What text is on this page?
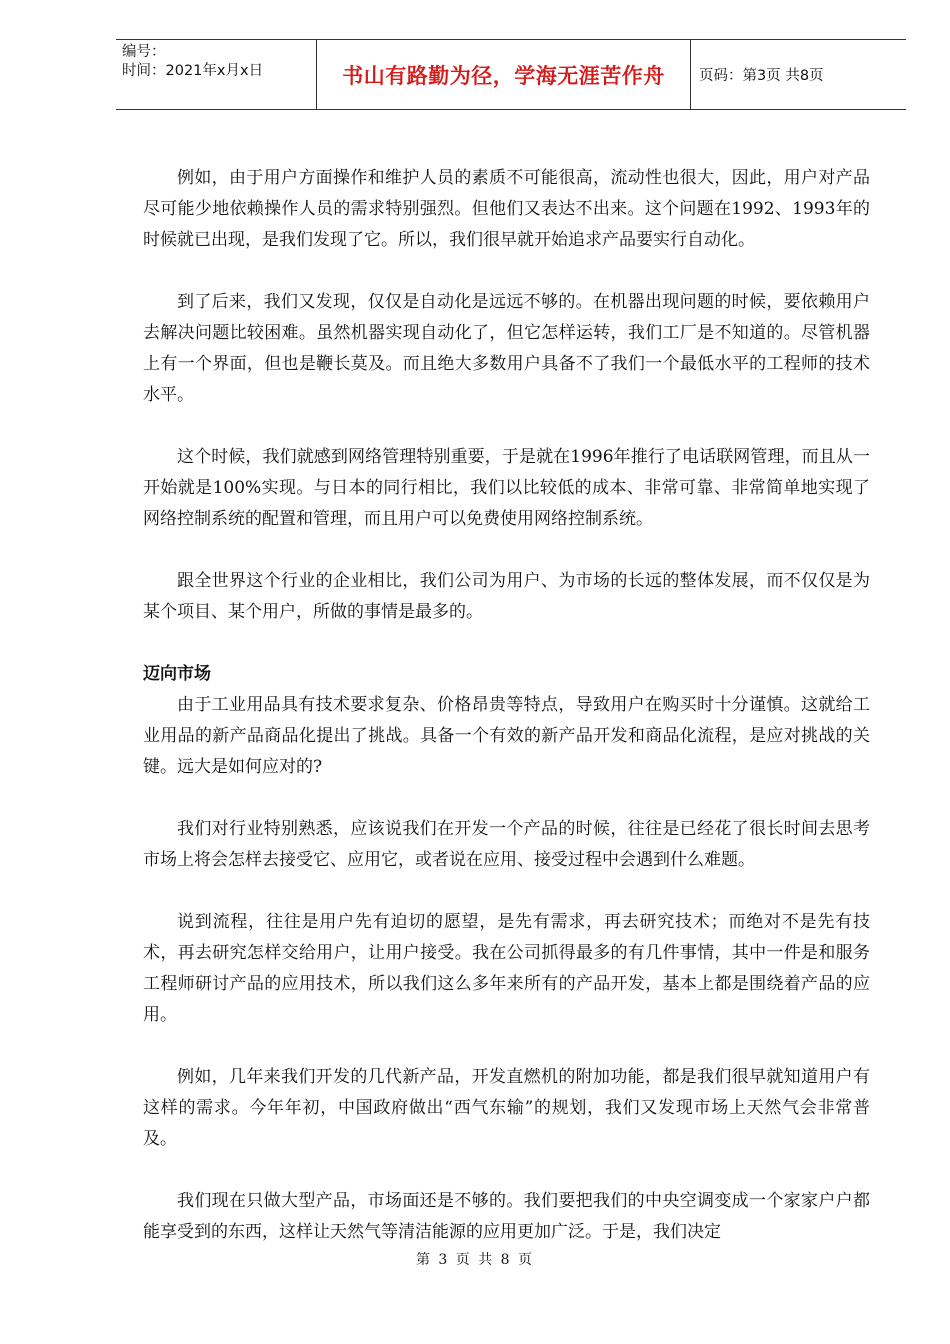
编号：
时间：2021年x月x日	书山有路勤为径，学海无涯苦作舟 页码：第3页 共8页

例如，由于用户方面操作和维护人员的素质不可能很高，流动性也很大，因此，用户对产品尽可能少地依赖操作人员的需求特别强烈。但他们又表达不出来。这个问题在1992、1993年的时候就已出现，是我们发现了它。所以，我们很早就开始追求产品要实行自动化。

到了后来，我们又发现，仅仅是自动化是远远不够的。在机器出现问题的时候，要依赖用户去解决问题比较困难。虽然机器实现自动化了，但它怎样运转，我们工厂是不知道的。尽管机器上有一个界面，但也是鞭长莫及。而且绝大多数用户具备不了我们一个最低水平的工程师的技术水平。

这个时候，我们就感到网络管理特别重要，于是就在1996年推行了电话联网管理，而且从一开始就是100%实现。与日本的同行相比，我们以比较低的成本、非常可靠、非常简单地实现了网络控制系统的配置和管理，而且用户可以免费使用网络控制系统。

跟全世界这个行业的企业相比，我们公司为用户、为市场的长远的整体发展，而不仅仅是为某个项目、某个用户，所做的事情是最多的。

迈向市场

由于工业用品具有技术要求复杂、价格昂贵等特点，导致用户在购买时十分谨慎。这就给工业用品的新产品商品化提出了挑战。具备一个有效的新产品开发和商品化流程，是应对挑战的关键。远大是如何应对的?

我们对行业特别熟悉，应该说我们在开发一个产品的时候，往往是已经花了很长时间去思考市场上将会怎样去接受它、应用它，或者说在应用、接受过程中会遇到什么难题。

说到流程，往往是用户先有迫切的愿望，是先有需求，再去研究技术；而绝对不是先有技术，再去研究怎样交给用户，让用户接受。我在公司抓得最多的有几件事情，其中一件是和服务工程师研讨产品的应用技术，所以我们这么多年来所有的产品开发，基本上都是围绕着产品的应用。

例如，几年来我们开发的几代新产品，开发直燃机的附加功能，都是我们很早就知道用户有这样的需求。今年年初，中国政府做出“西气东输”的规划，我们又发现市场上天然气会非常普及。

我们现在只做大型产品，市场面还是不够的。我们要把我们的中央空调变成一个家家户户都能享受到的东西，这样让天然气等清洁能源的应用更加广泛。于是，我们决定

第 3 页 共 8 页
